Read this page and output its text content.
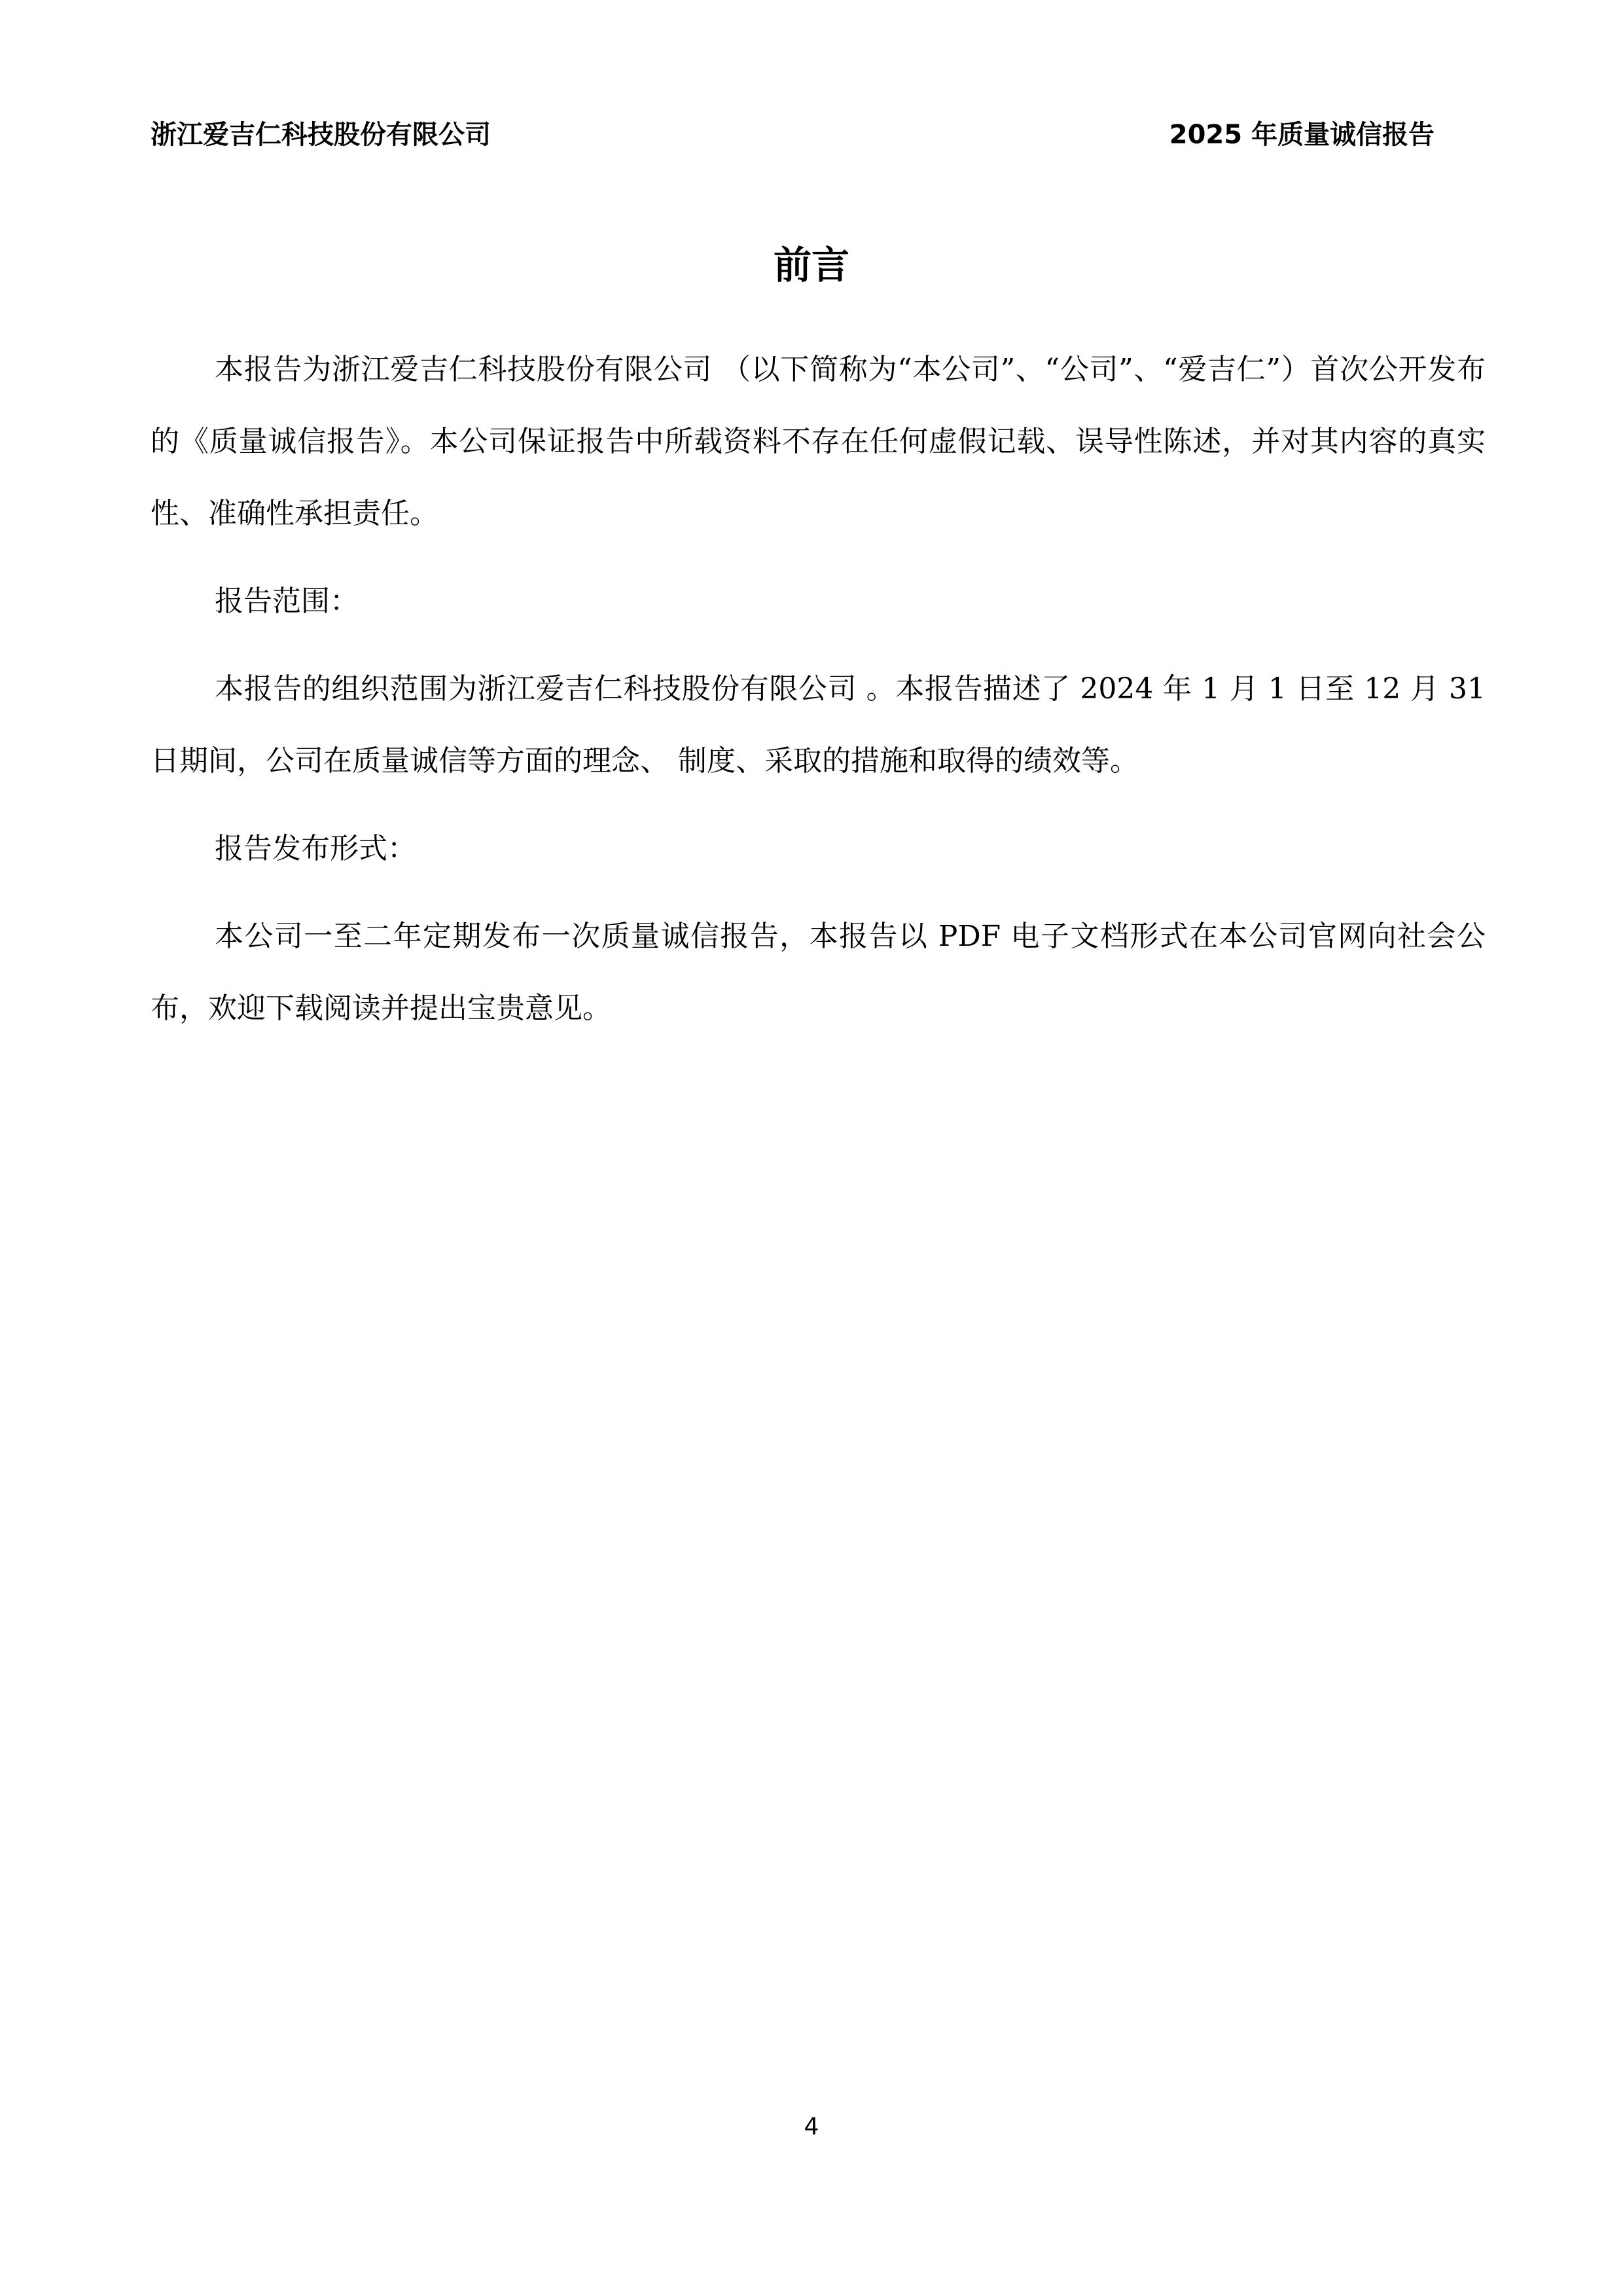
浙江爱吉仁科技股份有限公司	2025 年质量诚信报告
前言

本报告为浙江爱吉仁科技股份有限公司 （以下简称为“本公司”、“公司”、“爱吉仁”）首次公开发布的《质量诚信报告》。本公司保证报告中所载资料不存在任何虚假记载、误导性陈述，并对其内容的真实性、准确性承担责任。

报告范围：

本报告的组织范围为浙江爱吉仁科技股份有限公司 。本报告描述了 2024 年 1 月 1 日至 12 月 31 日期间，公司在质量诚信等方面的理念、 制度、采取的措施和取得的绩效等。

报告发布形式：

本公司一至二年定期发布一次质量诚信报告，本报告以 PDF 电子文档形式在本公司官网向社会公布，欢迎下载阅读并提出宝贵意见。

4
